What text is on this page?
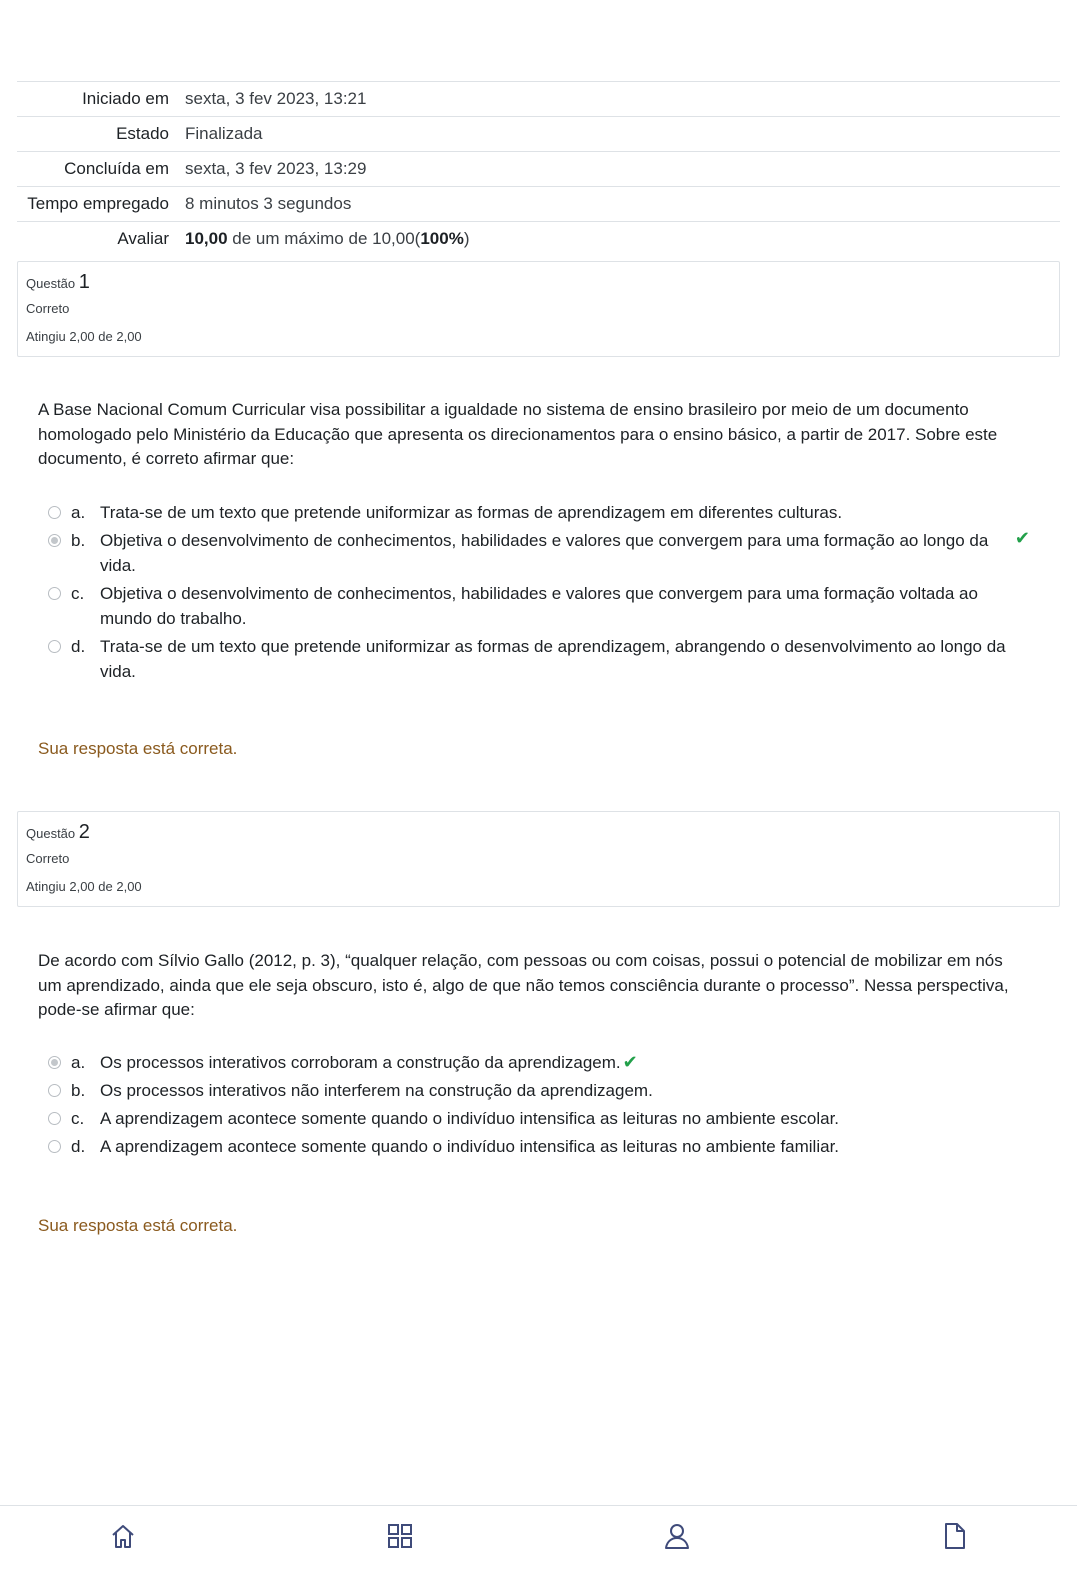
Iniciado em	sexta, 3 fev 2023, 13:21
Estado	Finalizada
Concluída em	sexta, 3 fev 2023, 13:29
Tempo empregado	8 minutos 3 segundos
Avaliar	10,00 de um máximo de 10,00(100%)
Questão 1
Correto
Atingiu 2,00 de 2,00
A Base Nacional Comum Curricular visa possibilitar a igualdade no sistema de ensino brasileiro por meio de um documento homologado pelo Ministério da Educação que apresenta os direcionamentos para o ensino básico, a partir de 2017. Sobre este documento, é correto afirmar que:
a. Trata-se de um texto que pretende uniformizar as formas de aprendizagem em diferentes culturas.
b. Objetiva o desenvolvimento de conhecimentos, habilidades e valores que convergem para uma formação ao longo da vida.
✔
c. Objetiva o desenvolvimento de conhecimentos, habilidades e valores que convergem para uma formação voltada ao mundo do trabalho.
d. Trata-se de um texto que pretende uniformizar as formas de aprendizagem, abrangendo o desenvolvimento ao longo da vida.
Sua resposta está correta.
Questão 2
Correto
Atingiu 2,00 de 2,00
De acordo com Sílvio Gallo (2012, p. 3), “qualquer relação, com pessoas ou com coisas, possui o potencial de mobilizar em nós um aprendizado, ainda que ele seja obscuro, isto é, algo de que não temos consciência durante o processo”. Nessa perspectiva, pode-se afirmar que:
a. Os processos interativos corroboram a construção da aprendizagem. ✔
b. Os processos interativos não interferem na construção da aprendizagem.
c. A aprendizagem acontece somente quando o indivíduo intensifica as leituras no ambiente escolar.
d. A aprendizagem acontece somente quando o indivíduo intensifica as leituras no ambiente familiar.
Sua resposta está correta.
